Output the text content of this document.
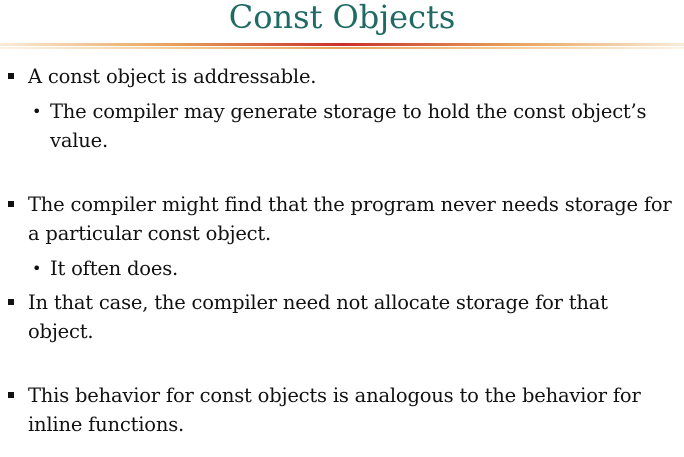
Const Objects
A const object is addressable.
• The compiler may generate storage to hold the const object’s value.
The compiler might find that the program never needs storage for a particular const object.
• It often does.
In that case, the compiler need not allocate storage for that object.
This behavior for const objects is analogous to the behavior for inline functions.
